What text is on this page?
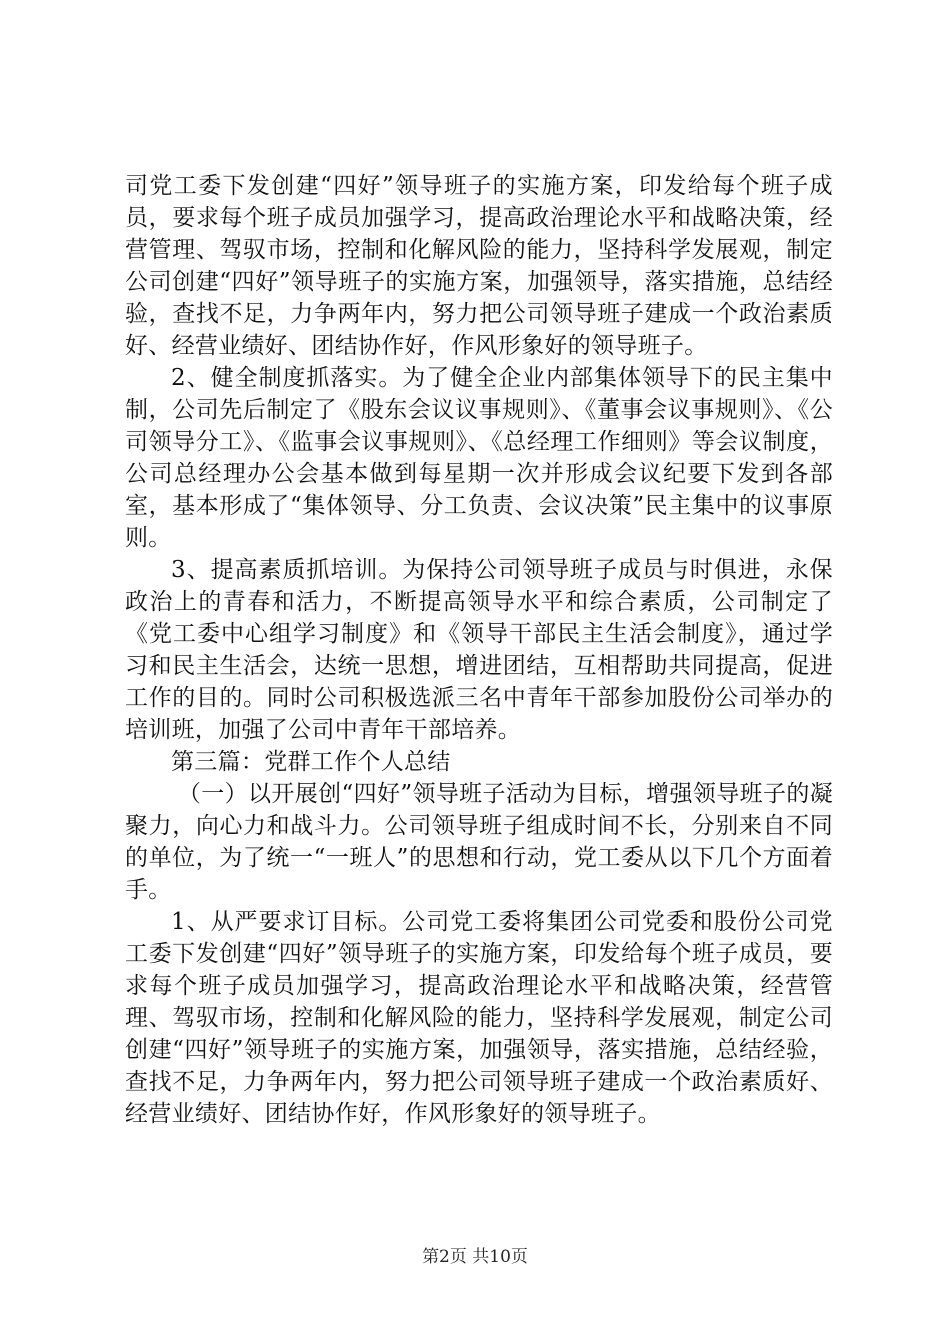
司党工委下发创建“四好”领导班子的实施方案，印发给每个班子成员，要求每个班子成员加强学习，提高政治理论水平和战略决策，经营管理、驾驭市场，控制和化解风险的能力，坚持科学发展观，制定公司创建“四好”领导班子的实施方案，加强领导，落实措施，总结经验，查找不足，力争两年内，努力把公司领导班子建成一个政治素质好、经营业绩好、团结协作好，作风形象好的领导班子。

2、健全制度抓落实。为了健全企业内部集体领导下的民主集中制，公司先后制定了《股东会议议事规则》、《董事会议事规则》、《公司领导分工》、《监事会议事规则》、《总经理工作细则》等会议制度，公司总经理办公会基本做到每星期一次并形成会议纪要下发到各部室，基本形成了“集体领导、分工负责、会议决策”民主集中的议事原则。

3、提高素质抓培训。为保持公司领导班子成员与时俱进，永保政治上的青春和活力，不断提高领导水平和综合素质，公司制定了《党工委中心组学习制度》和《领导干部民主生活会制度》，通过学习和民主生活会，达统一思想，增进团结，互相帮助共同提高，促进工作的目的。同时公司积极选派三名中青年干部参加股份公司举办的培训班，加强了公司中青年干部培养。

第三篇：党群工作个人总结

（一）以开展创“四好”领导班子活动为目标，增强领导班子的凝聚力，向心力和战斗力。公司领导班子组成时间不长，分别来自不同的单位，为了统一“一班人”的思想和行动，党工委从以下几个方面着手。

1、从严要求订目标。公司党工委将集团公司党委和股份公司党工委下发创建“四好”领导班子的实施方案，印发给每个班子成员，要求每个班子成员加强学习，提高政治理论水平和战略决策，经营管理、驾驭市场，控制和化解风险的能力，坚持科学发展观，制定公司创建“四好”领导班子的实施方案，加强领导，落实措施，总结经验，查找不足，力争两年内，努力把公司领导班子建成一个政治素质好、经营业绩好、团结协作好，作风形象好的领导班子。

第2页 共10页
